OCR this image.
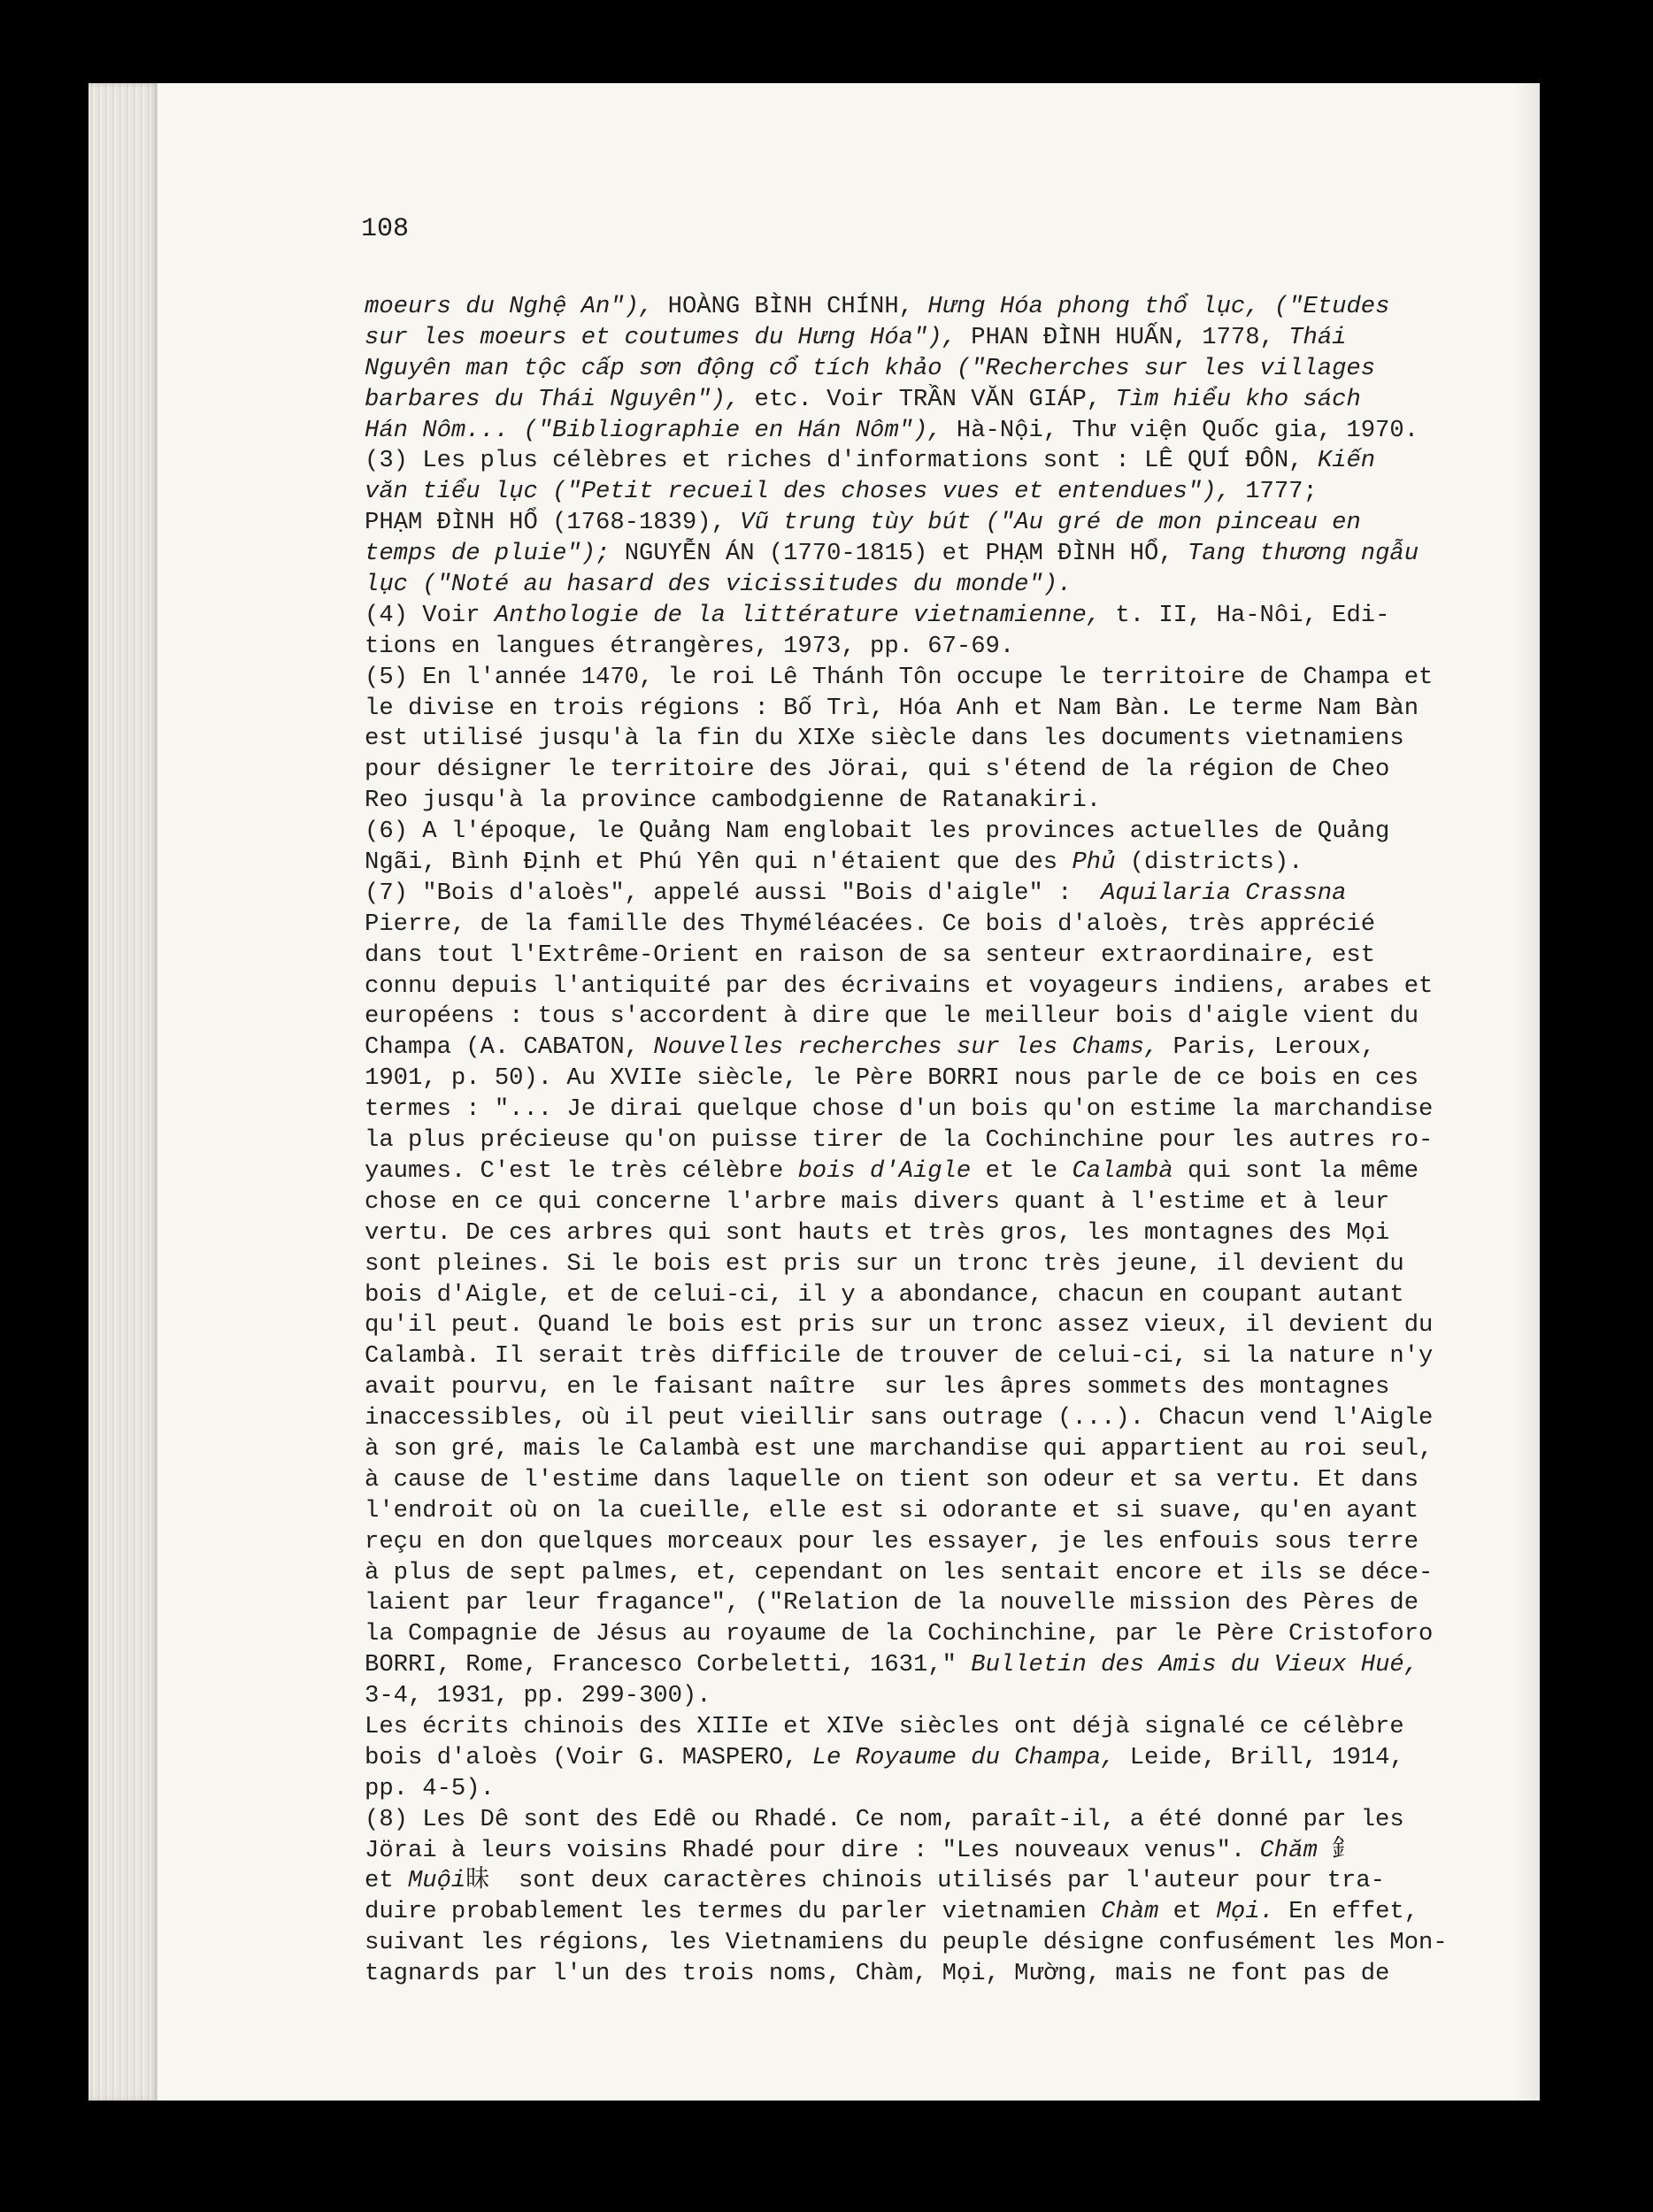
108
moeurs du Nghệ An"), HOÀNG BÌNH CHÍNH, Hưng Hóa phong thổ lục, ("Etudes
sur les moeurs et coutumes du Hưng Hóa"), PHAN ĐÌNH HUẤN, 1778, Thái
Nguyên man tộc cấp sơn động cổ tích khảo ("Recherches sur les villages
barbares du Thái Nguyên"), etc. Voir TRẦN VĂN GIÁP, Tìm hiểu kho sách
Hán Nôm... ("Bibliographie en Hán Nôm"), Hà-Nội, Thư viện Quốc gia, 1970.
(3) Les plus célèbres et riches d'informations sont : LÊ QUÍ ĐÔN, Kiến
văn tiểu lục ("Petit recueil des choses vues et entendues"), 1777;
PHẠM ĐÌNH HỔ (1768-1839), Vũ trung tùy bút ("Au gré de mon pinceau en
temps de pluie"); NGUYỄN ÁN (1770-1815) et PHẠM ĐÌNH HỔ, Tang thương ngẫu
lục ("Noté au hasard des vicissitudes du monde").
(4) Voir Anthologie de la littérature vietnamienne, t. II, Ha-Nôi, Edi-
tions en langues étrangères, 1973, pp. 67-69.
(5) En l'année 1470, le roi Lê Thánh Tôn occupe le territoire de Champa et
le divise en trois régions : Bố Trì, Hóa Anh et Nam Bàn. Le terme Nam Bàn
est utilisé jusqu'à la fin du XIXe siècle dans les documents vietnamiens
pour désigner le territoire des Jörai, qui s'étend de la région de Cheo
Reo jusqu'à la province cambodgienne de Ratanakiri.
(6) A l'époque, le Quảng Nam englobait les provinces actuelles de Quảng
Ngãi, Bình Định et Phú Yên qui n'étaient que des Phủ (districts).
(7) "Bois d'aloès", appelé aussi "Bois d'aigle" :  Aquilaria Crassna
Pierre, de la famille des Thyméléacées. Ce bois d'aloès, très apprécié
dans tout l'Extrême-Orient en raison de sa senteur extraordinaire, est
connu depuis l'antiquité par des écrivains et voyageurs indiens, arabes et
européens : tous s'accordent à dire que le meilleur bois d'aigle vient du
Champa (A. CABATON, Nouvelles recherches sur les Chams, Paris, Leroux,
1901, p. 50). Au XVIIe siècle, le Père BORRI nous parle de ce bois en ces
termes : "... Je dirai quelque chose d'un bois qu'on estime la marchandise
la plus précieuse qu'on puisse tirer de la Cochinchine pour les autres ro-
yaumes. C'est le très célèbre bois d'Aigle et le Calambà qui sont la même
chose en ce qui concerne l'arbre mais divers quant à l'estime et à leur
vertu. De ces arbres qui sont hauts et très gros, les montagnes des Mọi
sont pleines. Si le bois est pris sur un tronc très jeune, il devient du
bois d'Aigle, et de celui-ci, il y a abondance, chacun en coupant autant
qu'il peut. Quand le bois est pris sur un tronc assez vieux, il devient du
Calambà. Il serait très difficile de trouver de celui-ci, si la nature n'y
avait pourvu, en le faisant naître  sur les âpres sommets des montagnes
inaccessibles, où il peut vieillir sans outrage (...). Chacun vend l'Aigle
à son gré, mais le Calambà est une marchandise qui appartient au roi seul,
à cause de l'estime dans laquelle on tient son odeur et sa vertu. Et dans
l'endroit où on la cueille, elle est si odorante et si suave, qu'en ayant
reçu en don quelques morceaux pour les essayer, je les enfouis sous terre
à plus de sept palmes, et, cependant on les sentait encore et ils se déce-
laient par leur fragance", ("Relation de la nouvelle mission des Pères de
la Compagnie de Jésus au royaume de la Cochinchine, par le Père Cristoforo
BORRI, Rome, Francesco Corbeletti, 1631," Bulletin des Amis du Vieux Hué,
3-4, 1931, pp. 299-300).
Les écrits chinois des XIIIe et XIVe siècles ont déjà signalé ce célèbre
bois d'aloès (Voir G. MASPERO, Le Royaume du Champa, Leide, Brill, 1914,
pp. 4-5).
(8) Les Dê sont des Edê ou Rhadé. Ce nom, paraît-il, a été donné par les
Jörai à leurs voisins Rhadé pour dire : "Les nouveaux venus". Chăm 釒
et Muội昧  sont deux caractères chinois utilisés par l'auteur pour tra-
duire probablement les termes du parler vietnamien Chàm et Mọi. En effet,
suivant les régions, les Vietnamiens du peuple désigne confusément les Mon-
tagnards par l'un des trois noms, Chàm, Mọi, Mường, mais ne font pas de
